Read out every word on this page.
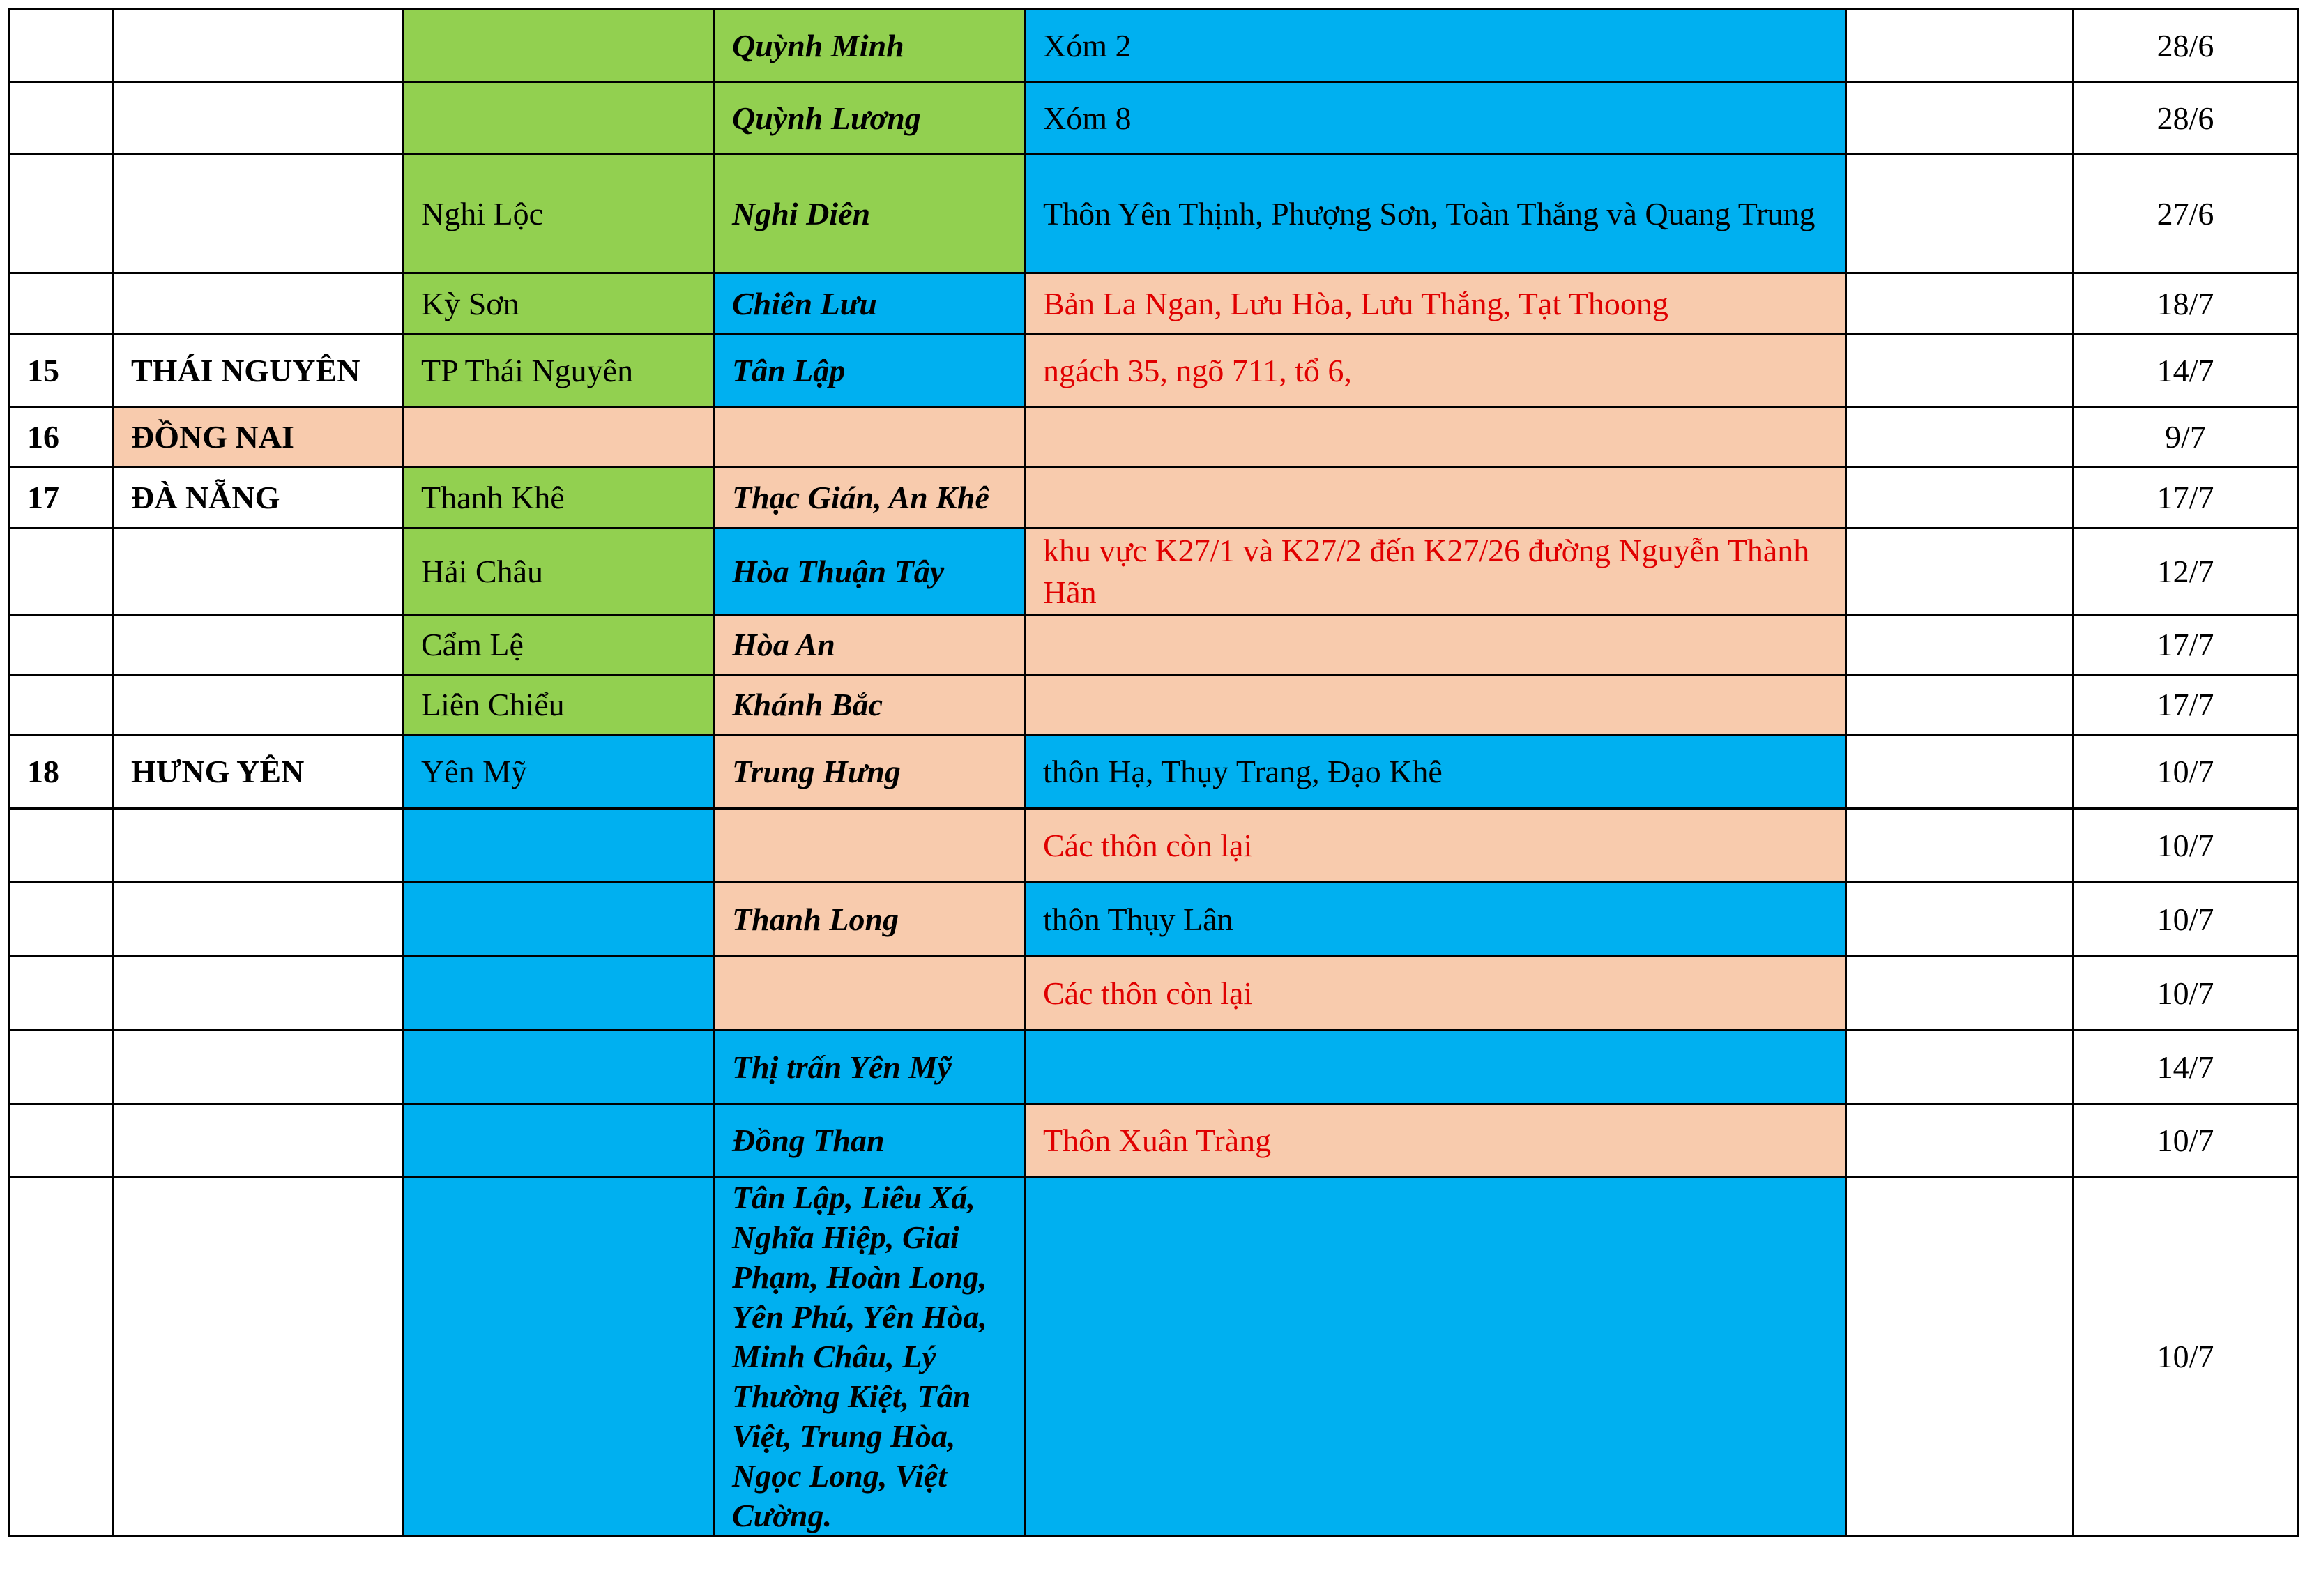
			Quỳnh Minh	Xóm 2		28/6
			Quỳnh Lương	Xóm 8		28/6
		Nghi Lộc	Nghi Diên	Thôn Yên Thịnh, Phượng Sơn, Toàn Thắng và Quang Trung		27/6
		Kỳ Sơn	Chiên Lưu	Bản La Ngan, Lưu Hòa, Lưu Thắng, Tạt Thoong		18/7
15	THÁI NGUYÊN	TP Thái Nguyên	Tân Lập	ngách 35, ngõ 711, tổ 6,		14/7
16	ĐỒNG NAI					9/7
17	ĐÀ NẴNG	Thanh Khê	Thạc Gián, An Khê			17/7
		Hải Châu	Hòa Thuận Tây	khu vực K27/1 và K27/2 đến K27/26 đường Nguyễn Thành Hãn		12/7
		Cẩm Lệ	Hòa An			17/7
		Liên Chiểu	Khánh Bắc			17/7
18	HƯNG YÊN	Yên Mỹ	Trung Hưng	thôn Hạ, Thụy Trang, Đạo Khê		10/7
				Các thôn còn lại		10/7
			Thanh Long	thôn Thụy Lân		10/7
				Các thôn còn lại		10/7
			Thị trấn Yên Mỹ			14/7
			Đồng Than	Thôn Xuân Tràng		10/7
			Tân Lập, Liêu Xá, Nghĩa Hiệp, Giai Phạm, Hoàn Long, Yên Phú, Yên Hòa, Minh Châu, Lý Thường Kiệt, Tân Việt, Trung Hòa, Ngọc Long, Việt Cường.			10/7
